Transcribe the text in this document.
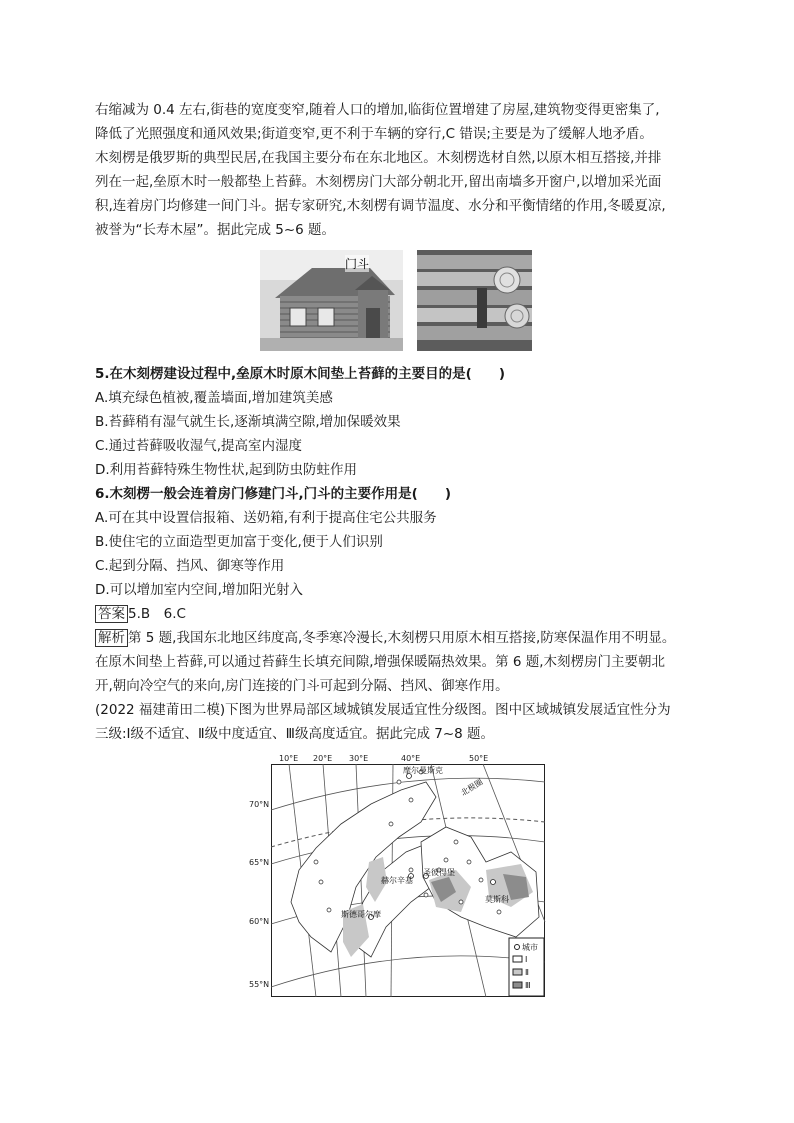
右缩减为 0.4 左右,街巷的宽度变窄,随着人口的增加,临街位置增建了房屋,建筑物变得更密集了,
降低了光照强度和通风效果;街道变窄,更不利于车辆的穿行,C 错误;主要是为了缓解人地矛盾。
木刻楞是俄罗斯的典型民居,在我国主要分布在东北地区。木刻楞选材自然,以原木相互搭接,并排
列在一起,垒原木时一般都垫上苔藓。木刻楞房门大部分朝北开,留出南墙多开窗户,以增加采光面
积,连着房门均修建一间门斗。据专家研究,木刻楞有调节温度、水分和平衡情绪的作用,冬暖夏凉,
被誉为“长寿木屋”。据此完成 5~6 题。
门斗
5.在木刻楞建设过程中,垒原木时原木间垫上苔藓的主要目的是(　　)
A.填充绿色植被,覆盖墙面,增加建筑美感
B.苔藓稍有湿气就生长,逐渐填满空隙,增加保暖效果
C.通过苔藓吸收湿气,提高室内湿度
D.利用苔藓特殊生物性状,起到防虫防蛀作用
6.木刻楞一般会连着房门修建门斗,门斗的主要作用是(　　)
A.可在其中设置信报箱、送奶箱,有利于提高住宅公共服务
B.使住宅的立面造型更加富于变化,便于人们识别
C.起到分隔、挡风、御寒等作用
D.可以增加室内空间,增加阳光射入
答案 5.B　6.C
解析 第 5 题,我国东北地区纬度高,冬季寒冷漫长,木刻楞只用原木相互搭接,防寒保温作用不明显。
在原木间垫上苔藓,可以通过苔藓生长填充间隙,增强保暖隔热效果。第 6 题,木刻楞房门主要朝北
开,朝向冷空气的来向,房门连接的门斗可起到分隔、挡风、御寒作用。
(2022 福建莆田二模)下图为世界局部区域城镇发展适宜性分级图。图中区域城镇发展适宜性分为
三级:Ⅰ级不适宜、Ⅱ级中度适宜、Ⅲ级高度适宜。据此完成 7~8 题。
10°E 20°E 30°E	40°E	50°E
70°N
65°N
60°N
55°N
摩尔曼斯克
赫尔辛基
圣彼得堡
斯德哥尔摩
莫斯科
北极圈
城市
Ⅰ
Ⅱ
Ⅲ
